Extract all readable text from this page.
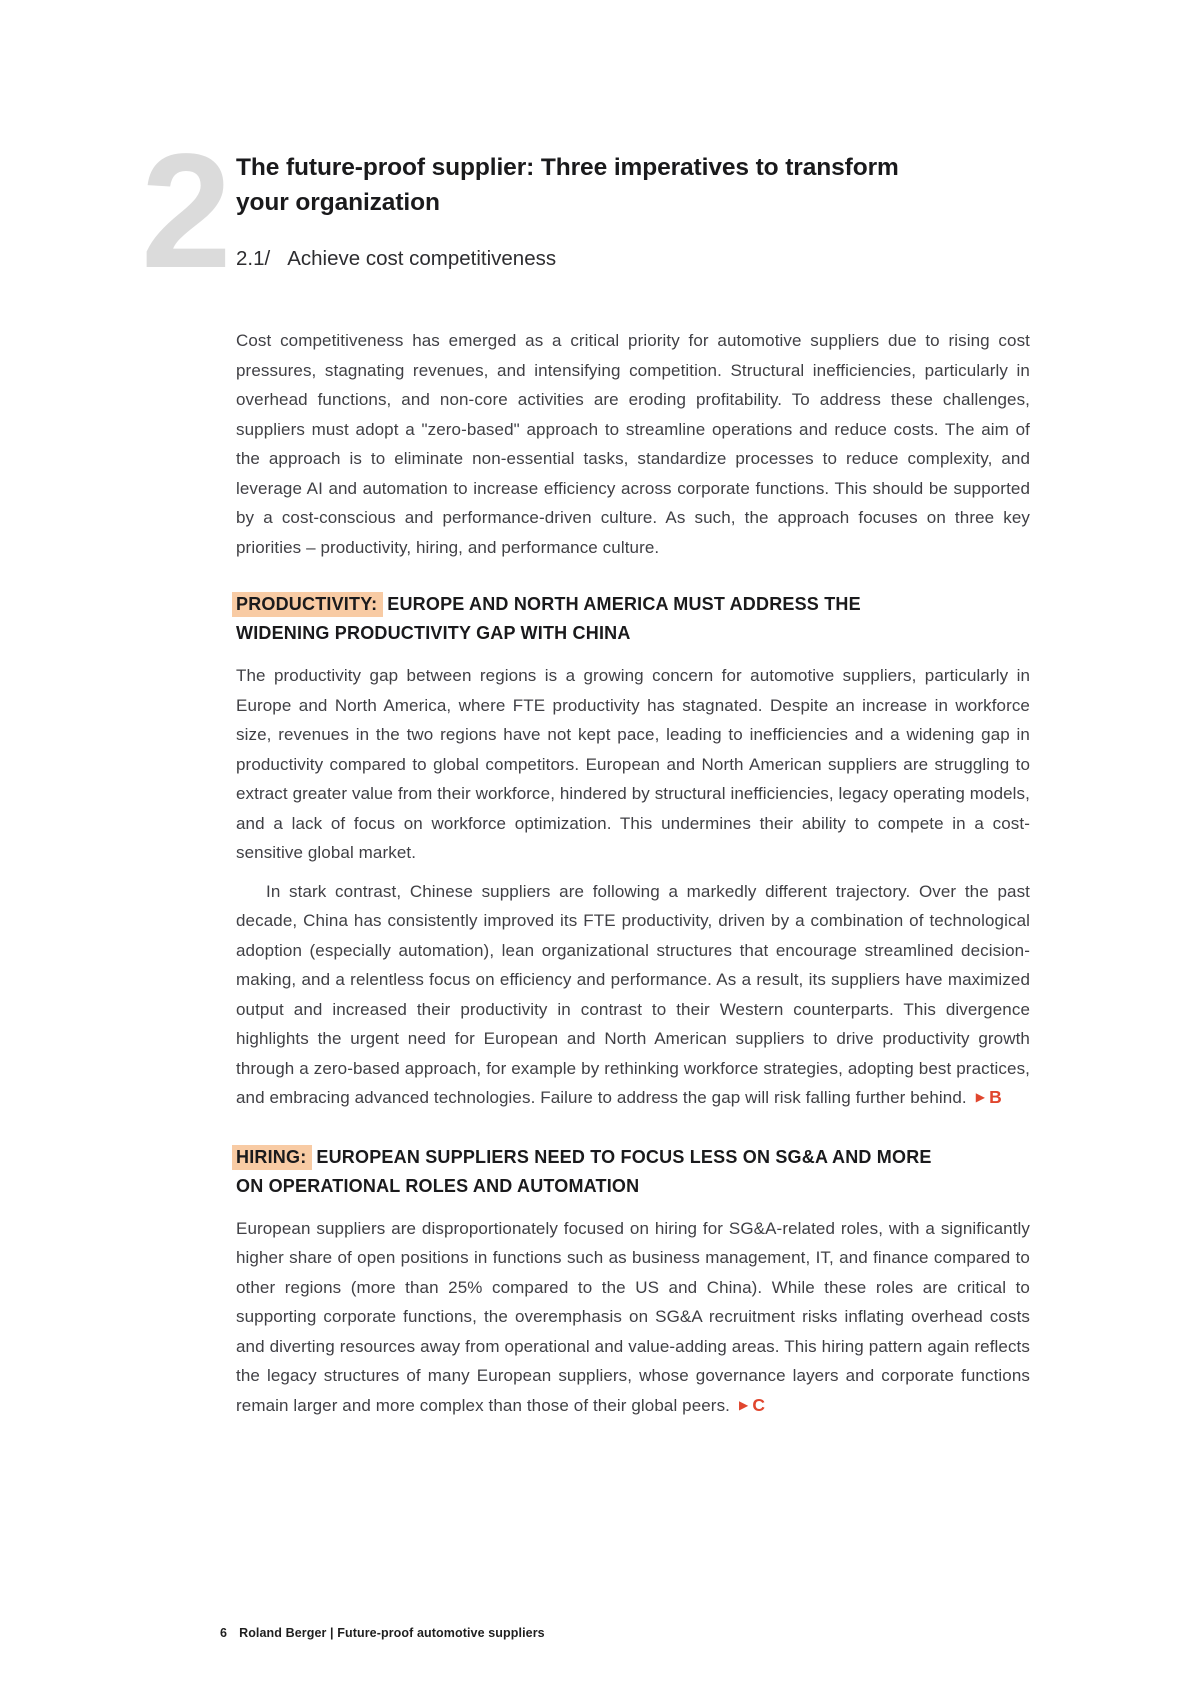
2 The future-proof supplier: Three imperatives to transform your organization
2.1/ Achieve cost competitiveness

Cost competitiveness has emerged as a critical priority for automotive suppliers due to rising cost pressures, stagnating revenues, and intensifying competition. Structural inefficiencies, particularly in overhead functions, and non-core activities are eroding profitability. To address these challenges, suppliers must adopt a "zero-based" approach to streamline operations and reduce costs. The aim of the approach is to eliminate non-essential tasks, standardize processes to reduce complexity, and leverage AI and automation to increase efficiency across corporate functions. This should be supported by a cost-conscious and performance-driven culture. As such, the approach focuses on three key priorities – productivity, hiring, and performance culture.

PRODUCTIVITY: EUROPE AND NORTH AMERICA MUST ADDRESS THE WIDENING PRODUCTIVITY GAP WITH CHINA

The productivity gap between regions is a growing concern for automotive suppliers, particularly in Europe and North America, where FTE productivity has stagnated. Despite an increase in workforce size, revenues in the two regions have not kept pace, leading to inefficiencies and a widening gap in productivity compared to global competitors. European and North American suppliers are struggling to extract greater value from their workforce, hindered by structural inefficiencies, legacy operating models, and a lack of focus on workforce optimization. This undermines their ability to compete in a cost-sensitive global market.

In stark contrast, Chinese suppliers are following a markedly different trajectory. Over the past decade, China has consistently improved its FTE productivity, driven by a combination of technological adoption (especially automation), lean organizational structures that encourage streamlined decision-making, and a relentless focus on efficiency and performance. As a result, its suppliers have maximized output and increased their productivity in contrast to their Western counterparts. This divergence highlights the urgent need for European and North American suppliers to drive productivity growth through a zero-based approach, for example by rethinking workforce strategies, adopting best practices, and embracing advanced technologies. Failure to address the gap will risk falling further behind. ▶ B

HIRING: EUROPEAN SUPPLIERS NEED TO FOCUS LESS ON SG&A AND MORE ON OPERATIONAL ROLES AND AUTOMATION

European suppliers are disproportionately focused on hiring for SG&A-related roles, with a significantly higher share of open positions in functions such as business management, IT, and finance compared to other regions (more than 25% compared to the US and China). While these roles are critical to supporting corporate functions, the overemphasis on SG&A recruitment risks inflating overhead costs and diverting resources away from operational and value-adding areas. This hiring pattern again reflects the legacy structures of many European suppliers, whose governance layers and corporate functions remain larger and more complex than those of their global peers. ▶ C

6 Roland Berger | Future-proof automotive suppliers
